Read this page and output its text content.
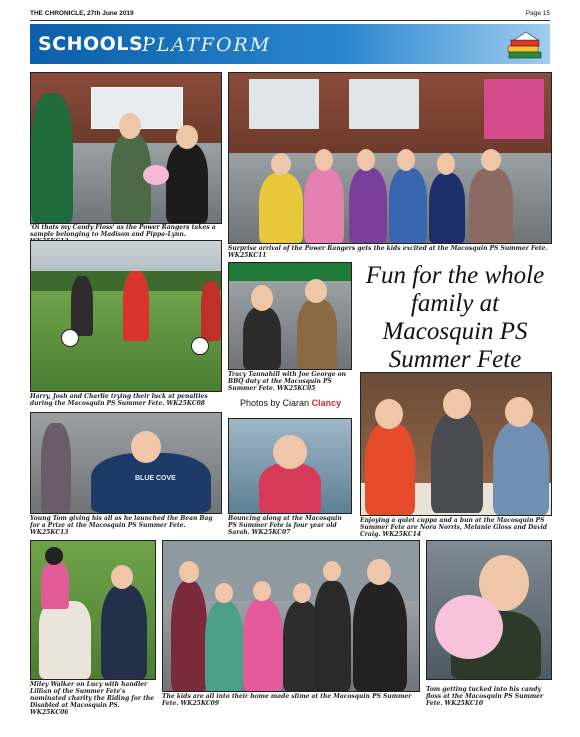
THE CHRONICLE, 27th June 2019	Page 15
SCHOOLS'
PLATFORM
'Oi thats my Candy Floss' as the Power Rangers takes a sample belonging to Madison and Pippa-Lynn.
Surprise arrival of the Power Rangers gets the kids excited at the Macosquin PS Summer Fete. WK25KC11
Harry, Josh and Charlie trying their luck at penalties during the Macosquin PS Summer Fete. WK25KC08
Tracy Tannahill with Joe George on BBQ duty at the Macosquin PS Summer Fete. WK25KC05
Fun for the whole
family at
Macosquin PS
Summer Fete
Photos by Ciaran Clancy
BLUE COVE
Young Tom giving his all as he launched the Bean Bag for a Prize at the Macosquin PS Summer Fete. WK25KC13
Bouncing along at the Macosquin PS Summer Fete is four year old Sarah. WK25KC07
Enjoying a quiet cuppa and a bun at the Macosquin PS Summer Fete are Nora Norris, Melanie Gloss and David Craig. WK25KC14
Miley Walker on Lucy with handler Lillian of the Summer Fete's nominated charity the Riding for the Disabled at Macosquin PS. WK25KC06
The kids are all into their home made slime at the Macosquin PS Summer Fete. WK25KC09
Tom getting tucked into his candy floss at the Macosquin PS Summer Fete. WK25KC10
